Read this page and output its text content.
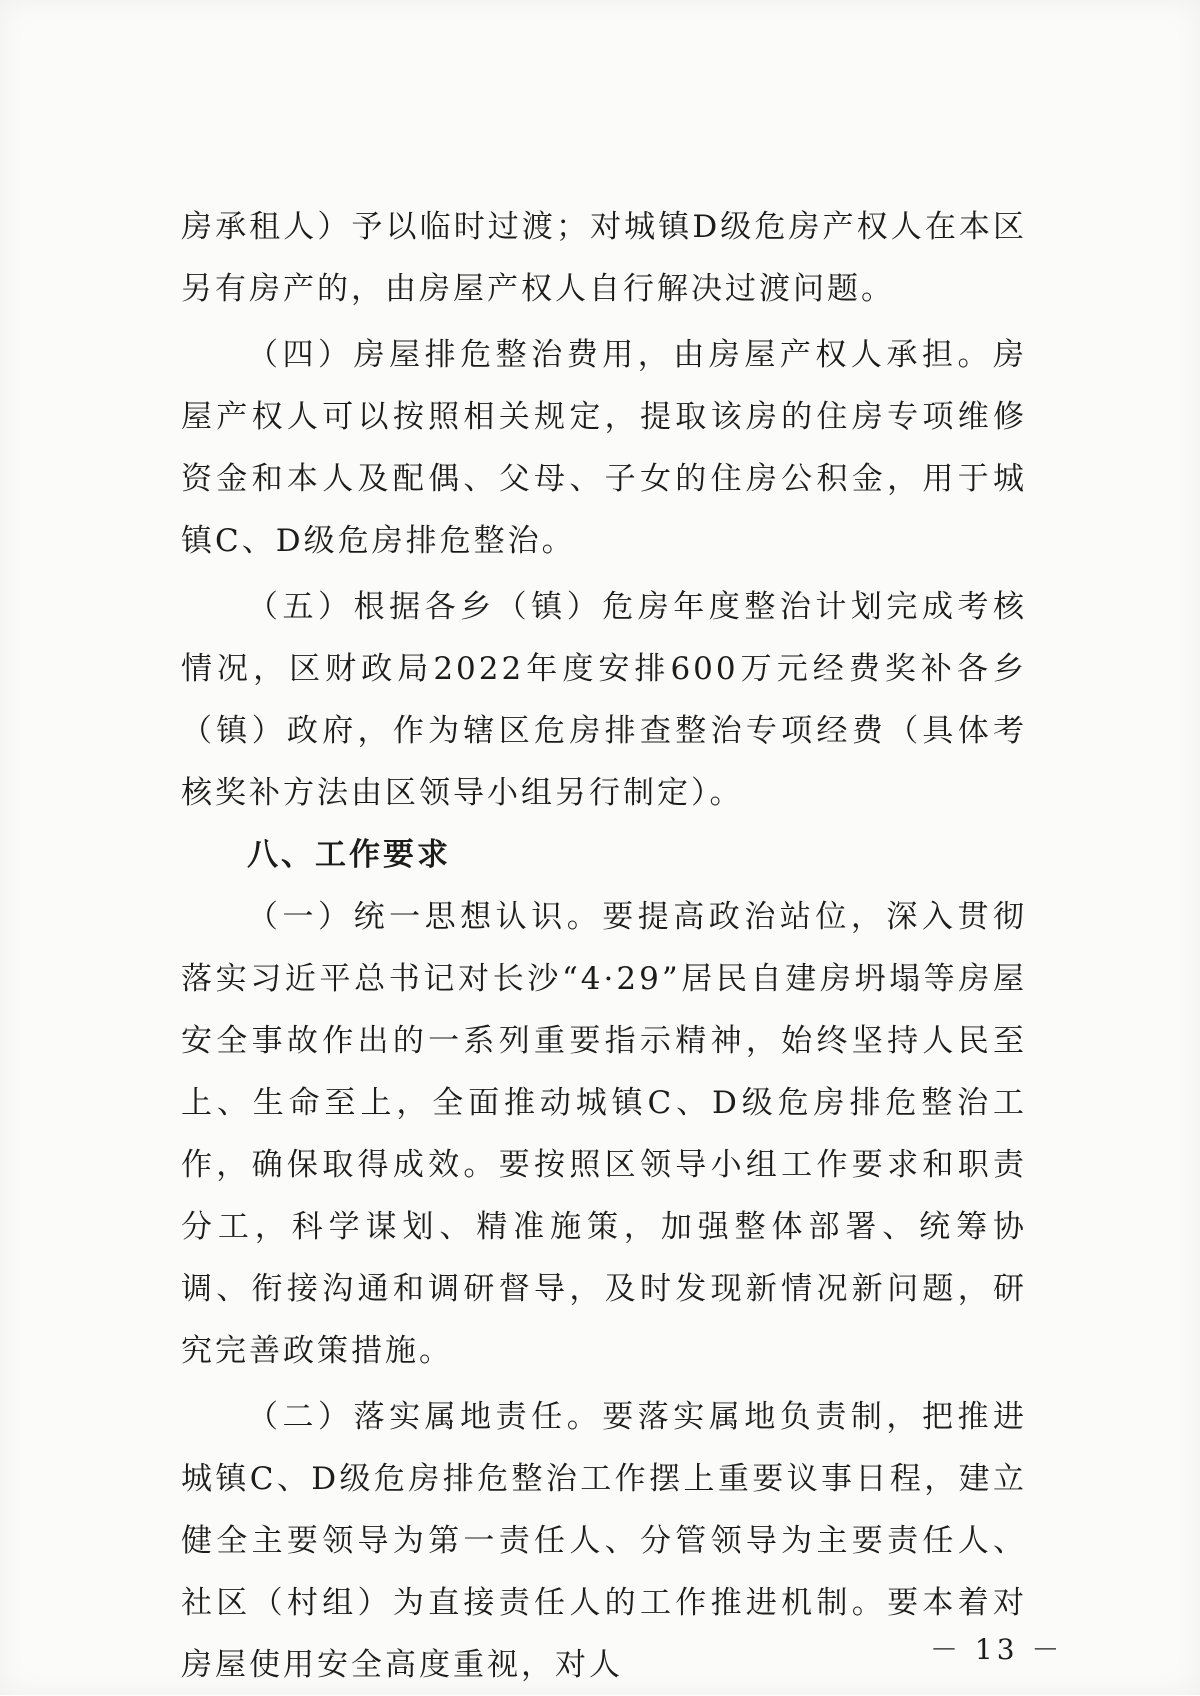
房承租人）予以临时过渡；对城镇D级危房产权人在本区另有房产的，由房屋产权人自行解决过渡问题。

（四）房屋排危整治费用，由房屋产权人承担。房屋产权人可以按照相关规定，提取该房的住房专项维修资金和本人及配偶、父母、子女的住房公积金，用于城镇C、D级危房排危整治。

（五）根据各乡（镇）危房年度整治计划完成考核情况，区财政局2022年度安排600万元经费奖补各乡（镇）政府，作为辖区危房排查整治专项经费（具体考核奖补方法由区领导小组另行制定）。

八、工作要求

（一）统一思想认识。要提高政治站位，深入贯彻落实习近平总书记对长沙“4·29”居民自建房坍塌等房屋安全事故作出的一系列重要指示精神，始终坚持人民至上、生命至上，全面推动城镇C、D级危房排危整治工作，确保取得成效。要按照区领导小组工作要求和职责分工，科学谋划、精准施策，加强整体部署、统筹协调、衔接沟通和调研督导，及时发现新情况新问题，研究完善政策措施。

（二）落实属地责任。要落实属地负责制，把推进城镇C、D级危房排危整治工作摆上重要议事日程，建立健全主要领导为第一责任人、分管领导为主要责任人、社区（村组）为直接责任人的工作推进机制。要本着对房屋使用安全高度重视，对人	－ 13 －
